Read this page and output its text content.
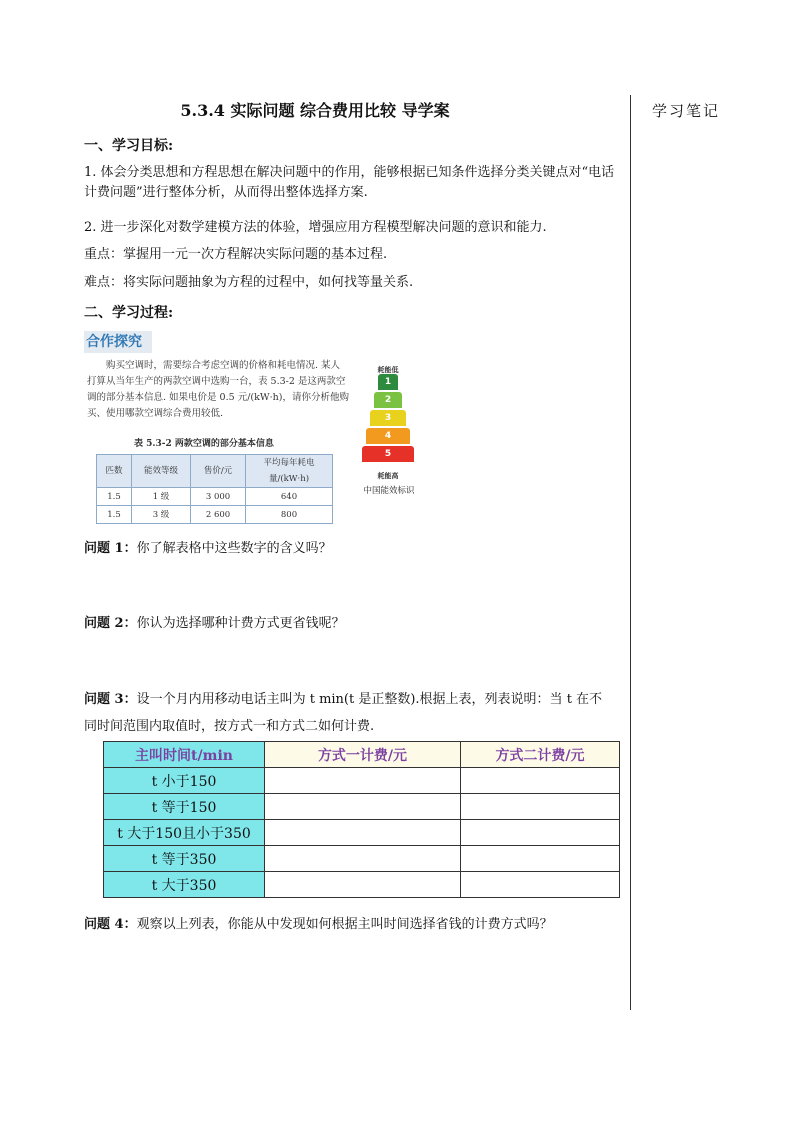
学习笔记
5.3.4 实际问题 综合费用比较 导学案
一、学习目标:
1. 体会分类思想和方程思想在解决问题中的作用，能够根据已知条件选择分类关键点对“电话计费问题”进行整体分析，从而得出整体选择方案.
2. 进一步深化对数学建模方法的体验，增强应用方程模型解决问题的意识和能力.
重点：掌握用一元一次方程解决实际问题的基本过程.
难点：将实际问题抽象为方程的过程中，如何找等量关系.
二、学习过程:
合作探究
购买空调时，需要综合考虑空调的价格和耗电情况. 某人打算从当年生产的两款空调中选购一台，表 5.3-2 是这两款空调的部分基本信息. 如果电价是 0.5 元/(kW·h)，请你分析他购买、使用哪款空调综合费用较低.
表 5.3-2 两款空调的部分基本信息
匹数	能效等级	售价/元	平均每年耗电量/(kW·h)
1.5	1 级	3 000	640
1.5	3 级	2 600	800
耗能低
1
2
3
4
5
耗能高
中国能效标识
问题 1：你了解表格中这些数字的含义吗？
问题 2：你认为选择哪种计费方式更省钱呢？
问题 3：设一个月内用移动电话主叫为 t min(t 是正整数).根据上表，列表说明：当 t 在不
同时间范围内取值时，按方式一和方式二如何计费.
主叫时间t/min	方式一计费/元	方式二计费/元
t 小于150		
t 等于150		
t 大于150且小于350		
t 等于350		
t 大于350		
问题 4：观察以上列表，你能从中发现如何根据主叫时间选择省钱的计费方式吗？
